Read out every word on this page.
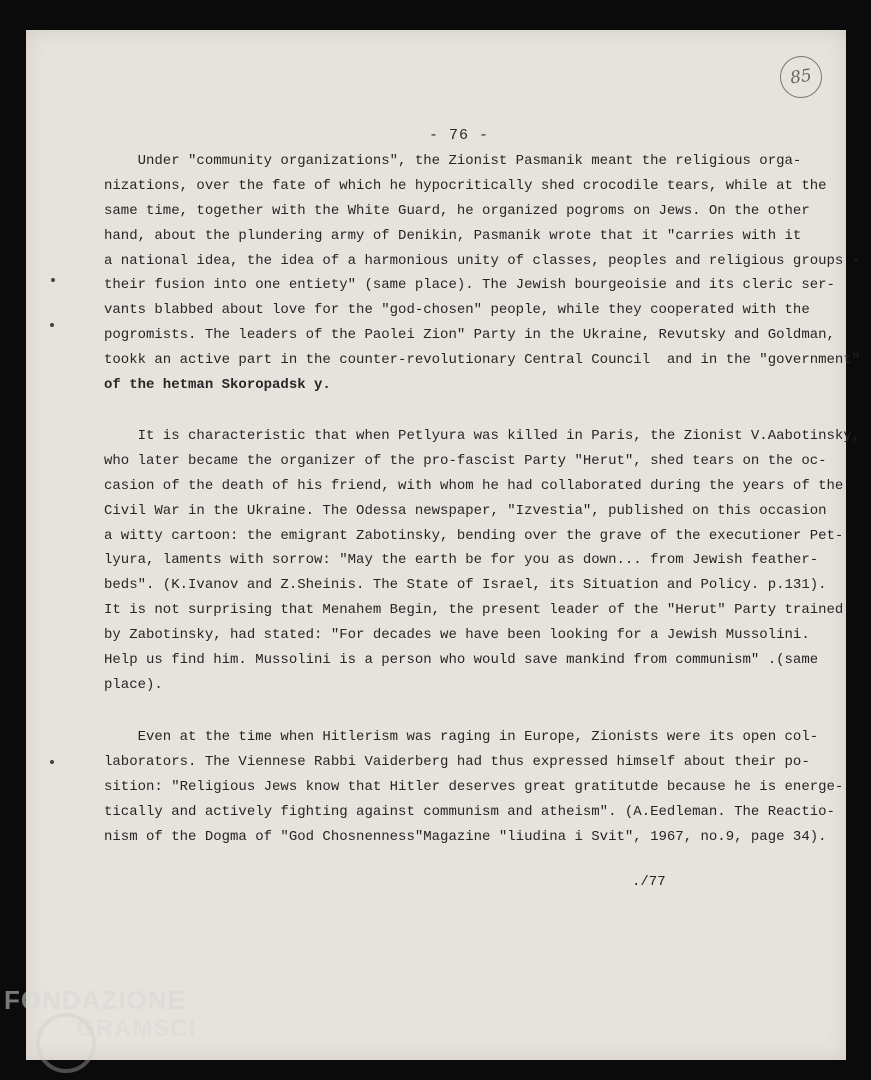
85
- 76 -
Under "community organizations", the Zionist Pasmanik meant the religious orga-
nizations, over the fate of which he hypocritically shed crocodile tears, while at the
same time, together with the White Guard, he organized pogroms on Jews. On the other
hand, about the plundering army of Denikin, Pasmanik wrote that it "carries with it
a national idea, the idea of a harmonious unity of classes, peoples and religious groups -
their fusion into one entiety" (same place). The Jewish bourgeoisie and its cleric ser-
vants blabbed about love for the "god-chosen" people, while they cooperated with the
pogromists. The leaders of the Paolei Zion" Party in the Ukraine, Revutsky and Goldman,
tookk an active part in the counter-revolutionary Central Council  and in the "government"
of the hetman Skoropadsk y.
It is characteristic that when Petlyura was killed in Paris, the Zionist V.Aabotinsky,
who later became the organizer of the pro-fascist Party "Herut", shed tears on the oc-
casion of the death of his friend, with whom he had collaborated during the years of the
Civil War in the Ukraine. The Odessa newspaper, "Izvestia", published on this occasion
a witty cartoon: the emigrant Zabotinsky, bending over the grave of the executioner Pet-
lyura, laments with sorrow: "May the earth be for you as down... from Jewish feather-
beds". (K.Ivanov and Z.Sheinis. The State of Israel, its Situation and Policy. p.131).
It is not surprising that Menahem Begin, the present leader of the "Herut" Party trained
by Zabotinsky, had stated: "For decades we have been looking for a Jewish Mussolini.
Help us find him. Mussolini is a person who would save mankind from communism" .(same
place).
Even at the time when Hitlerism was raging in Europe, Zionists were its open col-
laborators. The Viennese Rabbi Vaiderberg had thus expressed himself about their po-
sition: "Religious Jews know that Hitler deserves great gratitutde because he is energe-
tically and actively fighting against communism and atheism". (A.Eedleman. The Reactio-
nism of the Dogma of "God Chosnenness"Magazine "liudina i Svit", 1967, no.9, page 34).
./77
FONDAZIONE
GRAMSCI
onlus
